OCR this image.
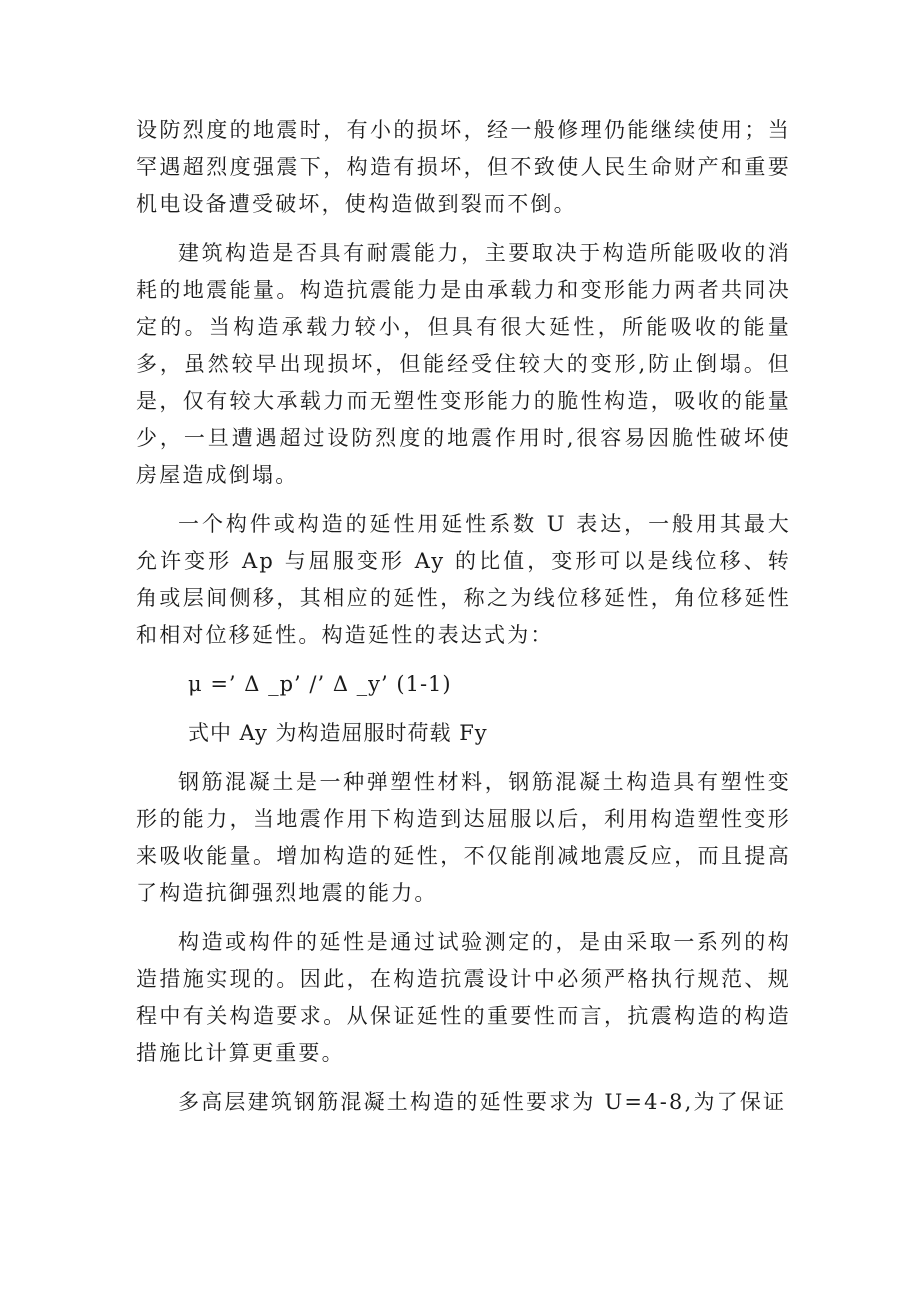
设防烈度的地震时，有小的损坏，经一般修理仍能继续使用；当罕遇超烈度强震下，构造有损坏，但不致使人民生命财产和重要机电设备遭受破坏，使构造做到裂而不倒。

建筑构造是否具有耐震能力，主要取决于构造所能吸收的消耗的地震能量。构造抗震能力是由承载力和变形能力两者共同决定的。当构造承载力较小，但具有很大延性，所能吸收的能量多，虽然较早出现损坏，但能经受住较大的变形,防止倒塌。但是，仅有较大承载力而无塑性变形能力的脆性构造，吸收的能量少，一旦遭遇超过设防烈度的地震作用时,很容易因脆性破坏使房屋造成倒塌。

一个构件或构造的延性用延性系数 U 表达，一般用其最大允许变形 Ap 与屈服变形 Ay 的比值，变形可以是线位移、转角或层间侧移，其相应的延性，称之为线位移延性，角位移延性和相对位移延性。构造延性的表达式为：

μ =’ Δ _p’ /’ Δ _y’ (1-1)

式中 Ay 为构造屈服时荷载 Fy

钢筋混凝土是一种弹塑性材料，钢筋混凝土构造具有塑性变形的能力，当地震作用下构造到达屈服以后，利用构造塑性变形来吸收能量。增加构造的延性，不仅能削减地震反应，而且提高了构造抗御强烈地震的能力。

构造或构件的延性是通过试验测定的，是由采取一系列的构造措施实现的。因此，在构造抗震设计中必须严格执行规范、规程中有关构造要求。从保证延性的重要性而言，抗震构造的构造措施比计算更重要。

多高层建筑钢筋混凝土构造的延性要求为 U=4-8,为了保证
